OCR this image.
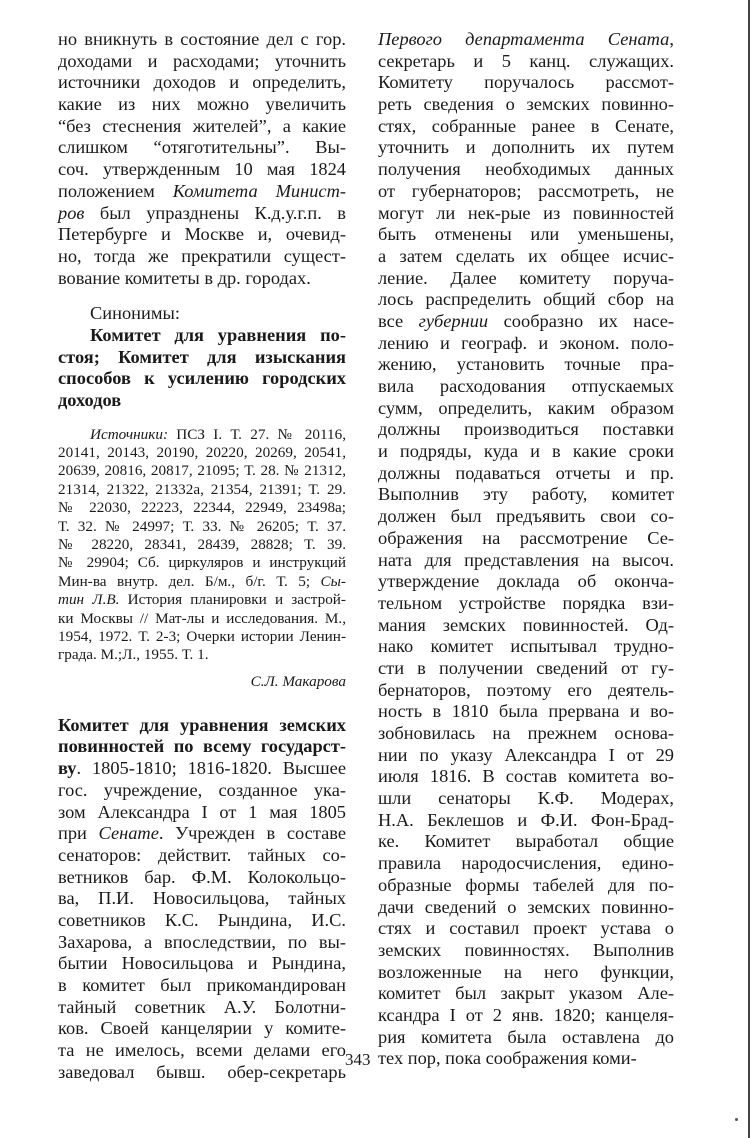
но вникнуть в состояние дел с гор.
доходами и расходами; уточнить
источники доходов и определить,
какие из них можно увеличить
“без стеснения жителей”, а какие
слишком “отяготительны”. Вы-
соч. утвержденным 10 мая 1824
положением Комитета Минист-
ров был упразднены К.д.у.г.п. в
Петербурге и Москве и, очевид-
но, тогда же прекратили сущест-
вование комитеты в др. городах.
Синонимы:
Комитет для уравнения по-
стоя; Комитет для изыскания
способов к усилению городских
доходов
Источники: ПСЗ I. Т. 27. № 20116,
20141, 20143, 20190, 20220, 20269, 20541,
20639, 20816, 20817, 21095; Т. 28. № 21312,
21314, 21322, 21332а, 21354, 21391; Т. 29.
№ 22030, 22223, 22344, 22949, 23498а;
Т. 32. № 24997; Т. 33. № 26205; Т. 37.
№ 28220, 28341, 28439, 28828; Т. 39.
№ 29904; Сб. циркуляров и инструкций
Мин-ва внутр. дел. Б/м., б/г. Т. 5; Сы-
тин Л.В. История планировки и застрой-
ки Москвы // Мат-лы и исследования. М.,
1954, 1972. Т. 2-3; Очерки истории Ленин-
града. М.;Л., 1955. Т. 1.
С.Л. Макарова
Комитет для уравнения земских
повинностей по всему государст-
ву. 1805-1810; 1816-1820. Высшее
гос. учреждение, созданное ука-
зом Александра I от 1 мая 1805
при Сенате. Учрежден в составе
сенаторов: действит. тайных со-
ветников бар. Ф.М. Колокольцо-
ва, П.И. Новосильцова, тайных
советников К.С. Рындина, И.С.
Захарова, а впоследствии, по вы-
бытии Новосильцова и Рындина,
в комитет был прикомандирован
тайный советник А.У. Болотни-
ков. Своей канцелярии у комите-
та не имелось, всеми делами его
заведовал бывш. обер-секретарь
Первого департамента Сената,
секретарь и 5 канц. служащих.
Комитету поручалось рассмот-
реть сведения о земских повинно-
стях, собранные ранее в Сенате,
уточнить и дополнить их путем
получения необходимых данных
от губернаторов; рассмотреть, не
могут ли нек-рые из повинностей
быть отменены или уменьшены,
а затем сделать их общее исчис-
ление. Далее комитету поруча-
лось распределить общий сбор на
все губернии сообразно их насе-
лению и географ. и эконом. поло-
жению, установить точные пра-
вила расходования отпускаемых
сумм, определить, каким образом
должны производиться поставки
и подряды, куда и в какие сроки
должны подаваться отчеты и пр.
Выполнив эту работу, комитет
должен был предъявить свои со-
ображения на рассмотрение Се-
ната для представления на высоч.
утверждение доклада об оконча-
тельном устройстве порядка взи-
мания земских повинностей. Од-
нако комитет испытывал трудно-
сти в получении сведений от гу-
бернаторов, поэтому его деятель-
ность в 1810 была прервана и во-
зобновилась на прежнем основа-
нии по указу Александра I от 29
июля 1816. В состав комитета во-
шли сенаторы К.Ф. Модерах,
Н.А. Беклешов и Ф.И. Фон-Брад-
ке. Комитет выработал общие
правила народосчисления, едино-
образные формы табелей для по-
дачи сведений о земских повинно-
стях и составил проект устава о
земских повинностях. Выполнив
возложенные на него функции,
комитет был закрыт указом Але-
ксандра I от 2 янв. 1820; канцеля-
рия комитета была оставлена до
тех пор, пока соображения коми-
343
